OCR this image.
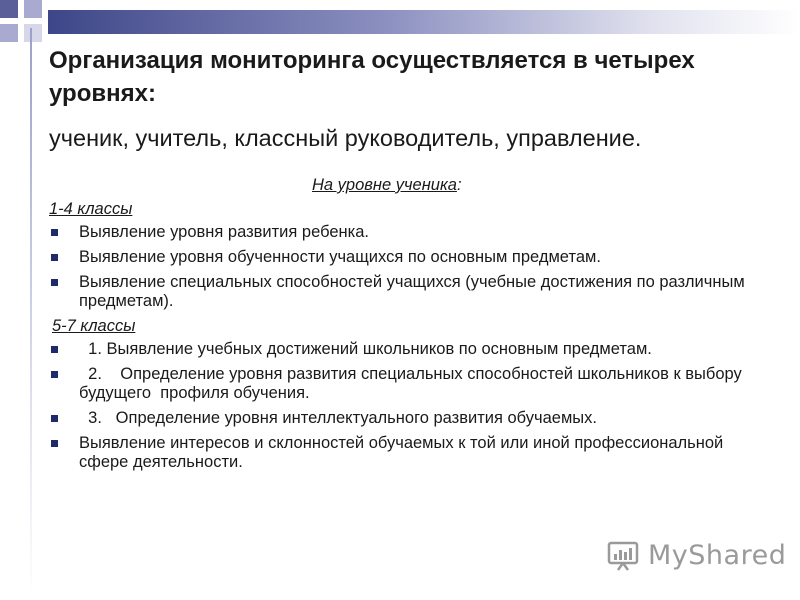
Организация мониторинга осуществляется в четырех уровнях:
ученик, учитель, классный руководитель, управление.
На уровне ученика:
1-4 классы
Выявление уровня развития ребенка.
Выявление уровня обученности учащихся по основным предметам.
Выявление специальных способностей учащихся (учебные достижения по различным предметам).
5-7 классы
1. Выявление учебных достижений школьников по основным предметам.
2.    Определение уровня развития специальных способностей школьников к выбору будущего  профиля обучения.
3.   Определение уровня интеллектуального развития обучаемых.
Выявление интересов и склонностей обучаемых к той или иной профессиональной сфере деятельности.
MyShared
